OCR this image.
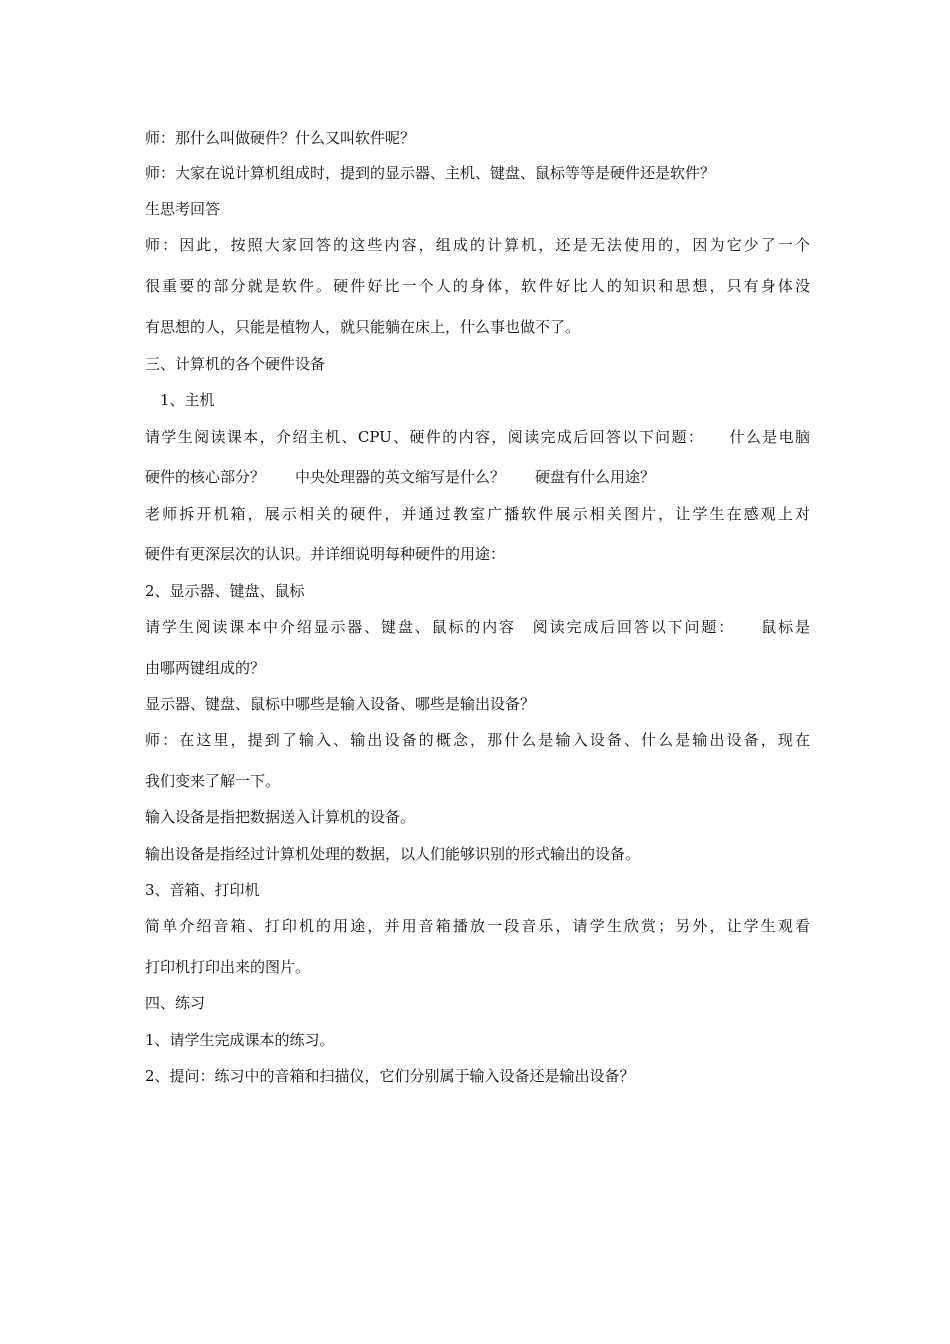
师：那什么叫做硬件？什么又叫软件呢？
师：大家在说计算机组成时，提到的显示器、主机、键盘、鼠标等等是硬件还是软件？
生思考回答
师：因此，按照大家回答的这些内容，组成的计算机，还是无法使用的，因为它少了一个
很重要的部分就是软件。硬件好比一个人的身体，软件好比人的知识和思想，只有身体没
有思想的人，只能是植物人，就只能躺在床上，什么事也做不了。
三、计算机的各个硬件设备
1、主机
请学生阅读课本，介绍主机、CPU、硬件的内容，阅读完成后回答以下问题：　　什么是电脑
硬件的核心部分？　　中央处理器的英文缩写是什么？　　硬盘有什么用途？
老师拆开机箱，展示相关的硬件，并通过教室广播软件展示相关图片，让学生在感观上对
硬件有更深层次的认识。并详细说明每种硬件的用途：
2、显示器、键盘、鼠标
请学生阅读课本中介绍显示器、键盘、鼠标的内容　阅读完成后回答以下问题：　　鼠标是
由哪两键组成的？
显示器、键盘、鼠标中哪些是输入设备、哪些是输出设备？
师：在这里，提到了输入、输出设备的概念，那什么是输入设备、什么是输出设备，现在
我们变来了解一下。
输入设备是指把数据送入计算机的设备。
输出设备是指经过计算机处理的数据，以人们能够识别的形式输出的设备。
3、音箱、打印机
简单介绍音箱、打印机的用途，并用音箱播放一段音乐，请学生欣赏；另外，让学生观看
打印机打印出来的图片。
四、练习
1、请学生完成课本的练习。
2、提问：练习中的音箱和扫描仪，它们分别属于输入设备还是输出设备？
